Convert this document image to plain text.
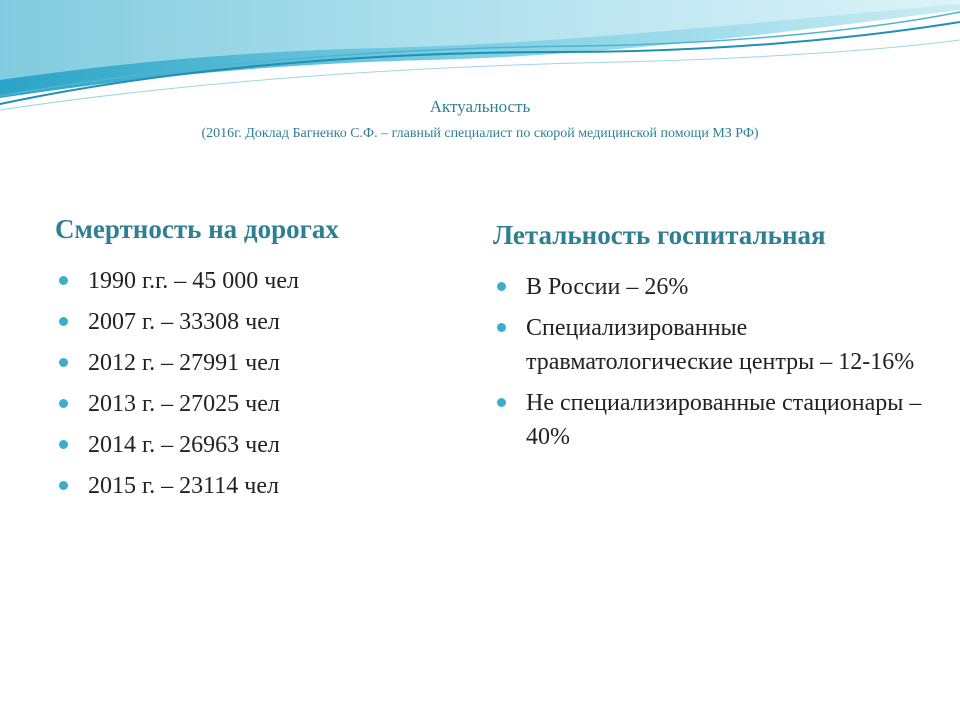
Актуальность
(2016г. Доклад Багненко С.Ф. – главный специалист по скорой медицинской помощи МЗ РФ)
Смертность на дорогах
1990 г.г. – 45 000 чел
2007 г. – 33308 чел
2012 г. – 27991 чел
2013 г. – 27025 чел
2014 г. – 26963 чел
2015 г. – 23114 чел
Летальность госпитальная
В России – 26%
Специализированные травматологические центры – 12-16%
Не специализированные стационары – 40%
